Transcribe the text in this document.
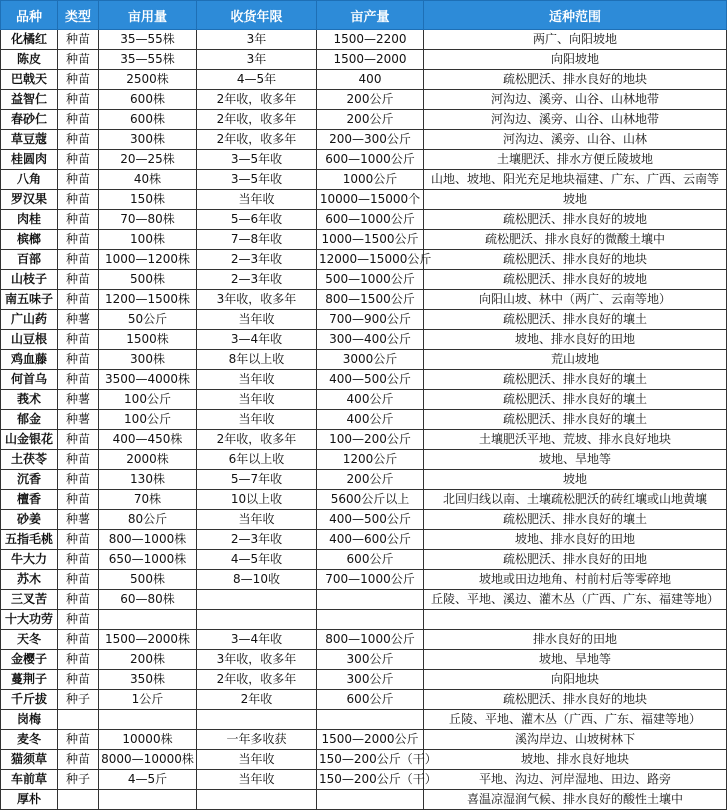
品种	类型	亩用量	收货年限	亩产量	适种范围
化橘红	种苗	35—55株	3年	1500—2200	两广、向阳坡地
陈皮	种苗	35—55株	3年	1500—2000	向阳坡地
巴戟天	种苗	2500株	4—5年	400	疏松肥沃、排水良好的地块
益智仁	种苗	600株	2年收，收多年	200公斤	河沟边、溪旁、山谷、山林地带
春砂仁	种苗	600株	2年收，收多年	200公斤	河沟边、溪旁、山谷、山林地带
草豆蔻	种苗	300株	2年收，收多年	200—300公斤	河沟边、溪旁、山谷、山林
桂圆肉	种苗	20—25株	3—5年收	600—1000公斤	土壤肥沃、排水方便丘陵坡地
八角	种苗	40株	3—5年收	1000公斤	山地、坡地、阳光充足地块福建、广东、广西、云南等
罗汉果	种苗	150株	当年收	10000—15000个	坡地
肉桂	种苗	70—80株	5—6年收	600—1000公斤	疏松肥沃、排水良好的坡地
槟榔	种苗	100株	7—8年收	1000—1500公斤	疏松肥沃、排水良好的微酸土壤中
百部	种苗	1000—1200株	2—3年收	12000—15000公斤	疏松肥沃、排水良好的地块
山枝子	种苗	500株	2—3年收	500—1000公斤	疏松肥沃、排水良好的坡地
南五味子	种苗	1200—1500株	3年收，收多年	800—1500公斤	向阳山坡、林中（两广、云南等地）
广山药	种薯	50公斤	当年收	700—900公斤	疏松肥沃、排水良好的壤土
山豆根	种苗	1500株	3—4年收	300—400公斤	坡地、排水良好的田地
鸡血藤	种苗	300株	8年以上收	3000公斤	荒山坡地
何首乌	种苗	3500—4000株	当年收	400—500公斤	疏松肥沃、排水良好的壤土
莪术	种薯	100公斤	当年收	400公斤	疏松肥沃、排水良好的壤土
郁金	种薯	100公斤	当年收	400公斤	疏松肥沃、排水良好的壤土
山金银花	种苗	400—450株	2年收，收多年	100—200公斤	土壤肥沃平地、荒坡、排水良好地块
土茯苓	种苗	2000株	6年以上收	1200公斤	坡地、旱地等
沉香	种苗	130株	5—7年收	200公斤	坡地
檀香	种苗	70株	10以上收	5600公斤以上	北回归线以南、土壤疏松肥沃的砖红壤或山地黄壤
砂姜	种薯	80公斤	当年收	400—500公斤	疏松肥沃、排水良好的壤土
五指毛桃	种苗	800—1000株	2—3年收	400—600公斤	坡地、排水良好的田地
牛大力	种苗	650—1000株	4—5年收	600公斤	疏松肥沃、排水良好的田地
苏木	种苗	500株	8—10收	700—1000公斤	坡地或田边地角、村前村后等零碎地
三叉苦	种苗	60—80株			丘陵、平地、溪边、灌木丛（广西、广东、福建等地）
十大功劳	种苗				
天冬	种苗	1500—2000株	3—4年收	800—1000公斤	排水良好的田地
金樱子	种苗	200株	3年收，收多年	300公斤	坡地、旱地等
蔓荆子	种苗	350株	2年收，收多年	300公斤	向阳地块
千斤拔	种子	1公斤	2年收	600公斤	疏松肥沃、排水良好的地块
岗梅					丘陵、平地、灌木丛（广西、广东、福建等地）
麦冬	种苗	10000株	一年多收获	1500—2000公斤	溪沟岸边、山坡树林下
猫须草	种苗	8000—10000株	当年收	150—200公斤（干）	坡地、排水良好地块
车前草	种子	4—5斤	当年收	150—200公斤（干）	平地、沟边、河岸湿地、田边、路旁
厚朴					喜温凉湿润气候、排水良好的酸性土壤中
